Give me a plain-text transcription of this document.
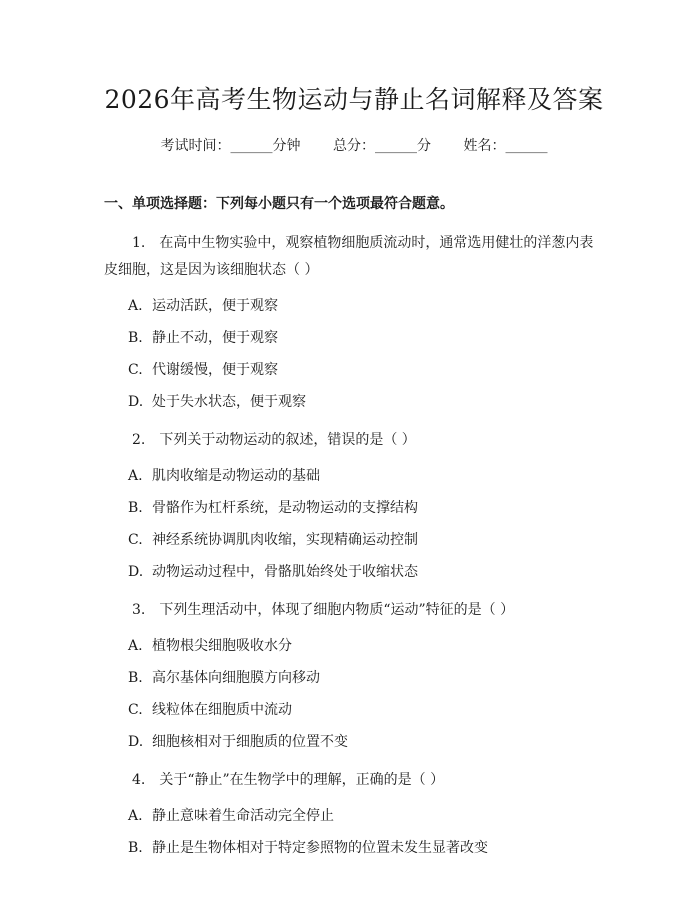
2026年高考生物运动与静止名词解释及答案
考试时间：______分钟 总分：______分 姓名：______
一、单项选择题：下列每小题只有一个选项最符合题意。
1.　在高中生物实验中，观察植物细胞质流动时，通常选用健壮的洋葱内表皮细胞，这是因为该细胞状态（ ）
A. 运动活跃，便于观察
B. 静止不动，便于观察
C. 代谢缓慢，便于观察
D. 处于失水状态，便于观察
2.　下列关于动物运动的叙述，错误的是（ ）
A. 肌肉收缩是动物运动的基础
B. 骨骼作为杠杆系统，是动物运动的支撑结构
C. 神经系统协调肌肉收缩，实现精确运动控制
D. 动物运动过程中，骨骼肌始终处于收缩状态
3.　下列生理活动中，体现了细胞内物质“运动”特征的是（ ）
A. 植物根尖细胞吸收水分
B. 高尔基体向细胞膜方向移动
C. 线粒体在细胞质中流动
D. 细胞核相对于细胞质的位置不变
4.　关于“静止”在生物学中的理解，正确的是（ ）
A. 静止意味着生命活动完全停止
B. 静止是生物体相对于特定参照物的位置未发生显著改变
